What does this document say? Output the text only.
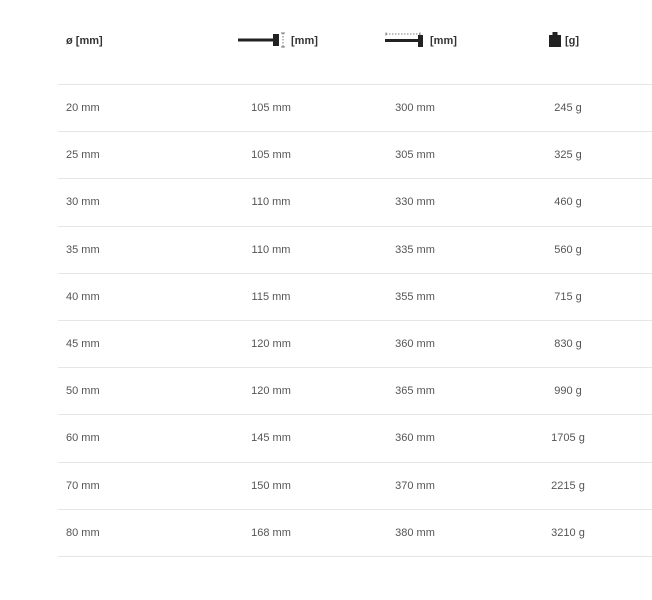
ø [mm]	[mm]	[mm]	[g]
20 mm	105 mm	300 mm	245 g
25 mm	105 mm	305 mm	325 g
30 mm	110 mm	330 mm	460 g
35 mm	110 mm	335 mm	560 g
40 mm	115 mm	355 mm	715 g
45 mm	120 mm	360 mm	830 g
50 mm	120 mm	365 mm	990 g
60 mm	145 mm	360 mm	1705 g
70 mm	150 mm	370 mm	2215 g
80 mm	168 mm	380 mm	3210 g
